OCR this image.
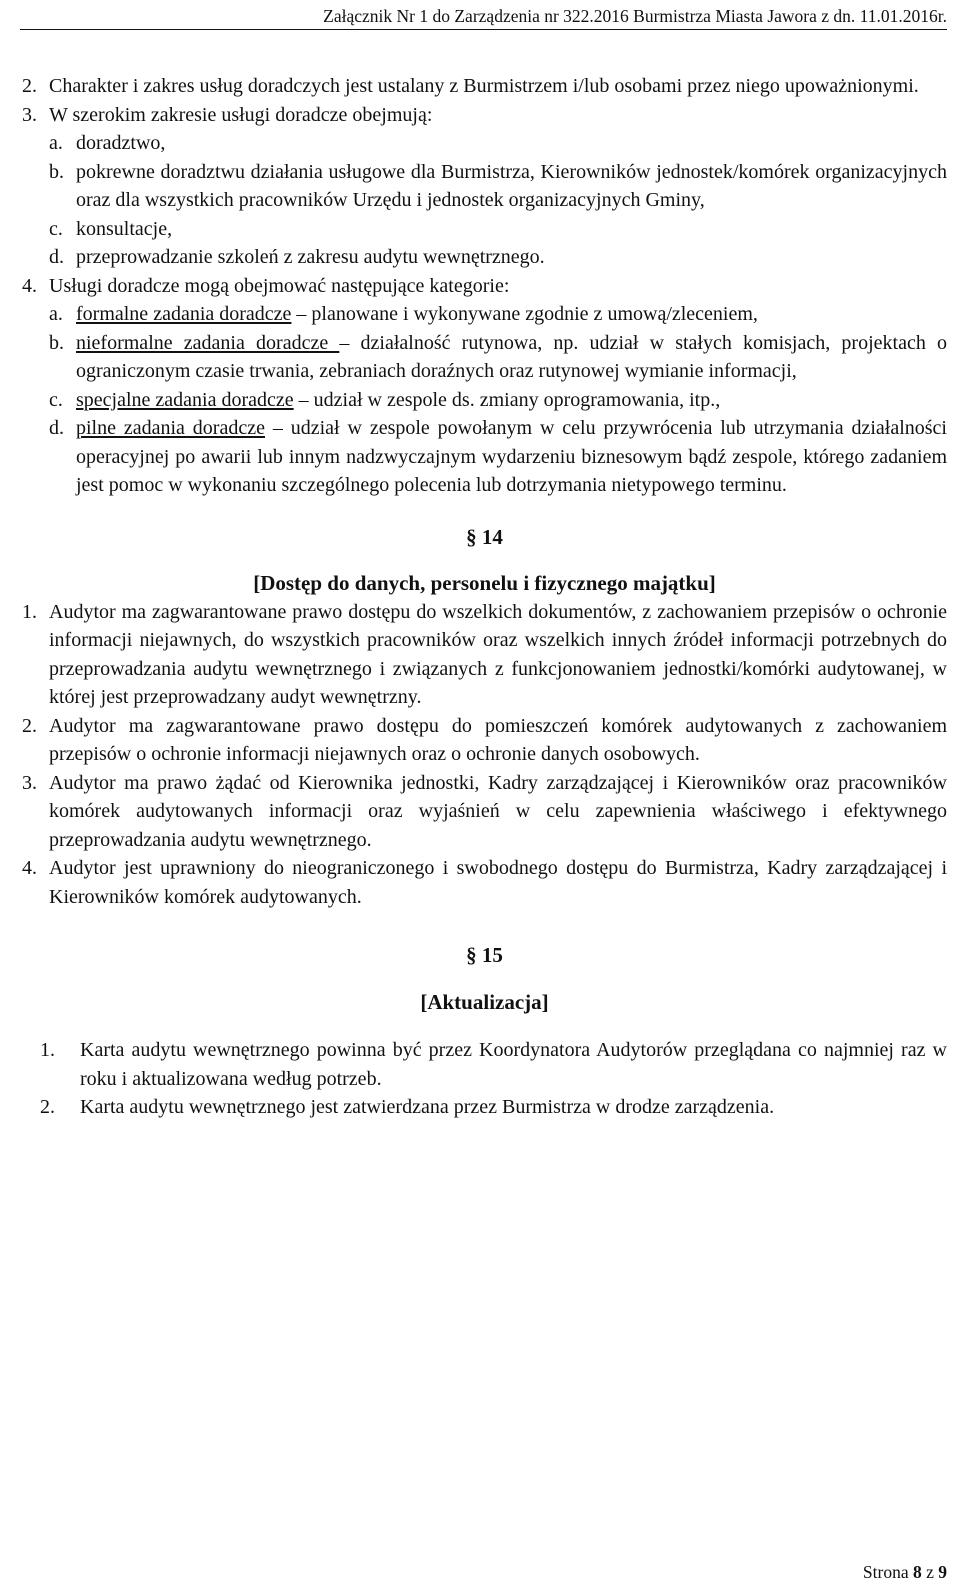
Załącznik Nr 1 do Zarządzenia nr 322.2016 Burmistrza Miasta Jawora z dn. 11.01.2016r.
2. Charakter i zakres usług doradczych jest ustalany z Burmistrzem i/lub osobami przez niego upoważnionymi.
3. W szerokim zakresie usługi doradcze obejmują:
a. doradztwo,
b. pokrewne doradztwu działania usługowe dla Burmistrza, Kierowników jednostek/komórek organizacyjnych oraz dla wszystkich pracowników Urzędu i jednostek organizacyjnych Gminy,
c. konsultacje,
d. przeprowadzanie szkoleń z zakresu audytu wewnętrznego.
4. Usługi doradcze mogą obejmować następujące kategorie:
a. formalne zadania doradcze – planowane i wykonywane zgodnie z umową/zleceniem,
b. nieformalne zadania doradcze – działalność rutynowa, np. udział w stałych komisjach, projektach o ograniczonym czasie trwania, zebraniach doraźnych oraz rutynowej wymianie informacji,
c. specjalne zadania doradcze – udział w zespole ds. zmiany oprogramowania, itp.,
d. pilne zadania doradcze – udział w zespole powołanym w celu przywrócenia lub utrzymania działalności operacyjnej po awarii lub innym nadzwyczajnym wydarzeniu biznesowym bądź zespole, którego zadaniem jest pomoc w wykonaniu szczególnego polecenia lub dotrzymania nietypowego terminu.
§ 14
[Dostęp do danych, personelu i fizycznego majątku]
1. Audytor ma zagwarantowane prawo dostępu do wszelkich dokumentów, z zachowaniem przepisów o ochronie informacji niejawnych, do wszystkich pracowników oraz wszelkich innych źródeł informacji potrzebnych do przeprowadzania audytu wewnętrznego i związanych z funkcjonowaniem jednostki/komórki audytowanej, w której jest przeprowadzany audyt wewnętrzny.
2. Audytor ma zagwarantowane prawo dostępu do pomieszczeń komórek audytowanych z zachowaniem przepisów o ochronie informacji niejawnych oraz o ochronie danych osobowych.
3. Audytor ma prawo żądać od Kierownika jednostki, Kadry zarządzającej i Kierowników oraz pracowników komórek audytowanych informacji oraz wyjaśnień w celu zapewnienia właściwego i efektywnego przeprowadzania audytu wewnętrznego.
4. Audytor jest uprawniony do nieograniczonego i swobodnego dostępu do Burmistrza, Kadry zarządzającej i Kierowników komórek audytowanych.
§ 15
[Aktualizacja]
1. Karta audytu wewnętrznego powinna być przez Koordynatora Audytorów przeglądana co najmniej raz w roku i aktualizowana według potrzeb.
2. Karta audytu wewnętrznego jest zatwierdzana przez Burmistrza w drodze zarządzenia.
Strona 8 z 9
